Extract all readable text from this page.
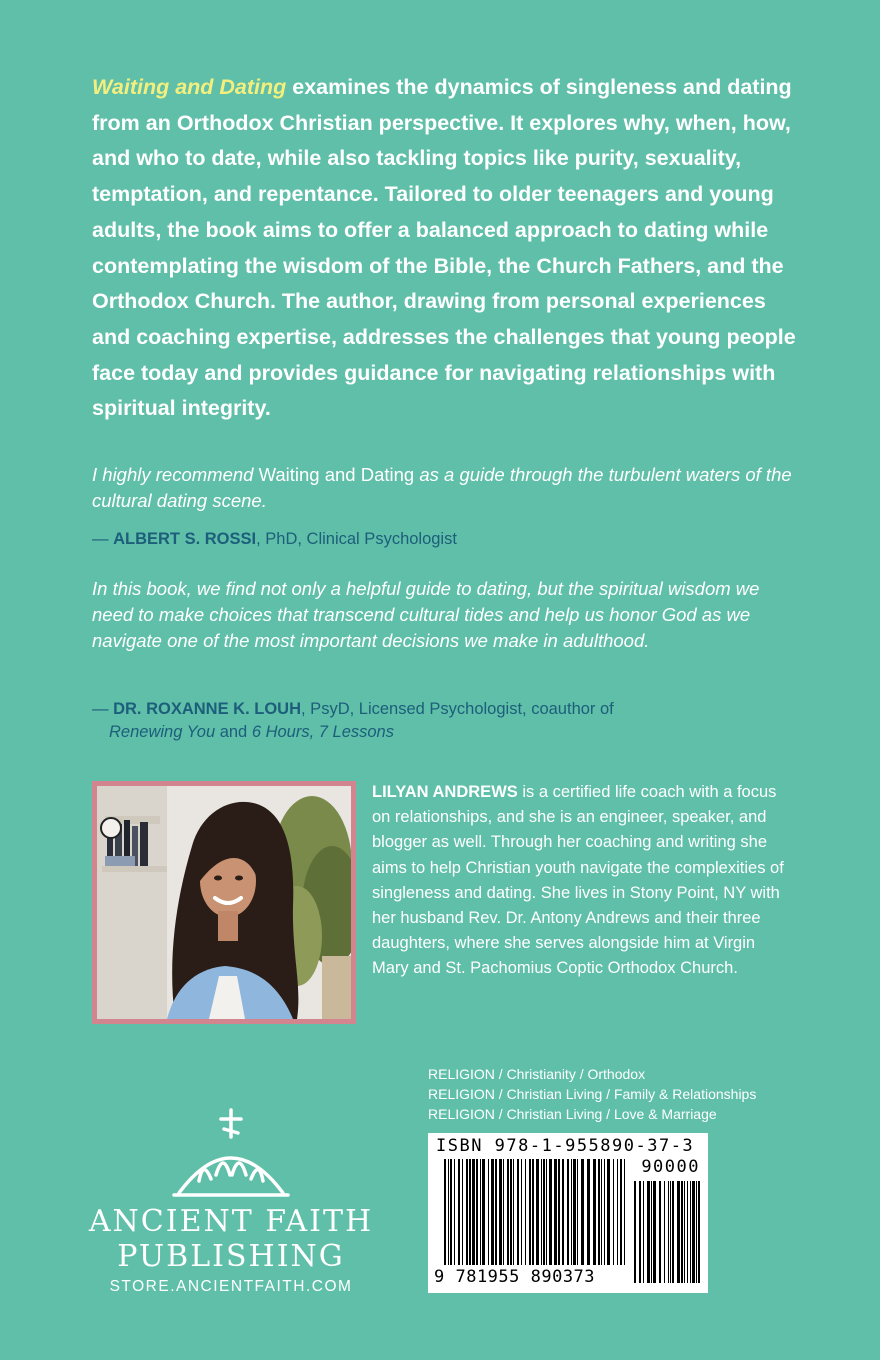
Waiting and Dating examines the dynamics of singleness and dating from an Orthodox Christian perspective. It explores why, when, how, and who to date, while also tackling topics like purity, sexuality, temptation, and repentance. Tailored to older teenagers and young adults, the book aims to offer a balanced approach to dating while contemplating the wisdom of the Bible, the Church Fathers, and the Orthodox Church. The author, drawing from personal experiences and coaching expertise, addresses the challenges that young people face today and provides guidance for navigating relationships with spiritual integrity.

I highly recommend Waiting and Dating as a guide through the turbulent waters of the cultural dating scene.

— ALBERT S. ROSSI, PhD, Clinical Psychologist

In this book, we find not only a helpful guide to dating, but the spiritual wisdom we need to make choices that transcend cultural tides and help us honor God as we navigate one of the most important decisions we make in adulthood.

— DR. ROXANNE K. LOUH, PsyD, Licensed Psychologist, coauthor of
Renewing You and 6 Hours, 7 Lessons

LILYAN ANDREWS is a certified life coach with a focus on relationships, and she is an engineer, speaker, and blogger as well. Through her coaching and writing she aims to help Christian youth navigate the complexities of singleness and dating. She lives in Stony Point, NY with her husband Rev. Dr. Antony Andrews and their three daughters, where she serves alongside him at Virgin Mary and St. Pachomius Coptic Orthodox Church.

RELIGION / Christianity / Orthodox
RELIGION / Christian Living / Family & Relationships
RELIGION / Christian Living / Love & Marriage
ISBN 978-1-955890-37-3
90000
9 781955 890373

ANCIENT FAITH

PUBLISHING

STORE.ANCIENTFAITH.COM
